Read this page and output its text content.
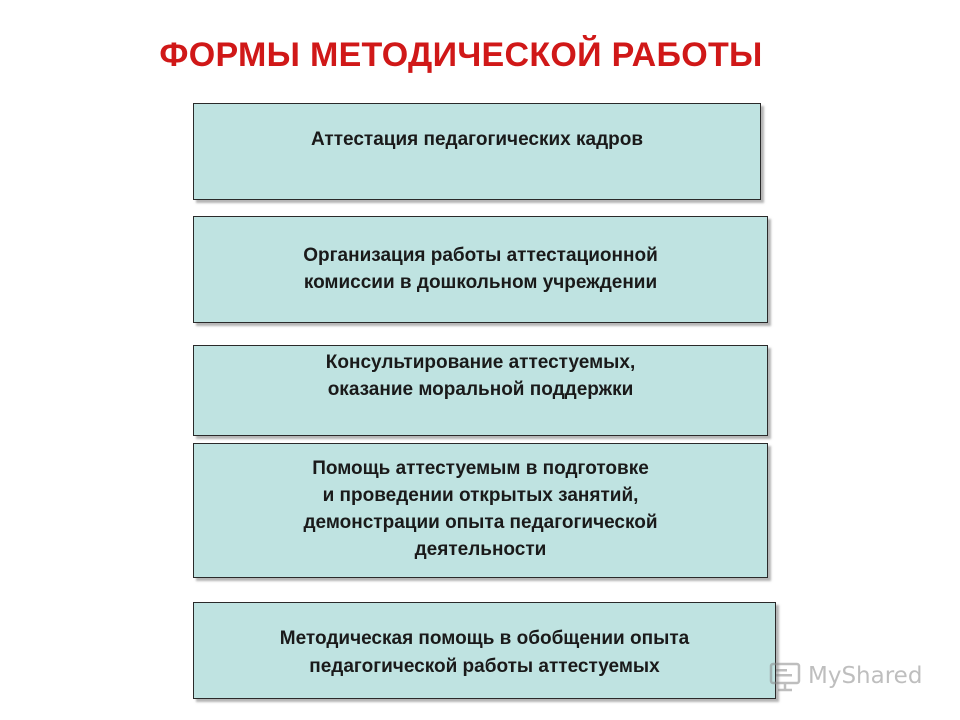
ФОРМЫ МЕТОДИЧЕСКОЙ РАБОТЫ
Аттестация педагогических кадров
Организация работы аттестационной
комиссии в дошкольном учреждении
Консультирование аттестуемых,
оказание моральной поддержки
Помощь аттестуемым в подготовке
и проведении открытых занятий,
демонстрации опыта педагогической
деятельности
Методическая помощь в обобщении опыта
педагогической работы аттестуемых	MyShared
